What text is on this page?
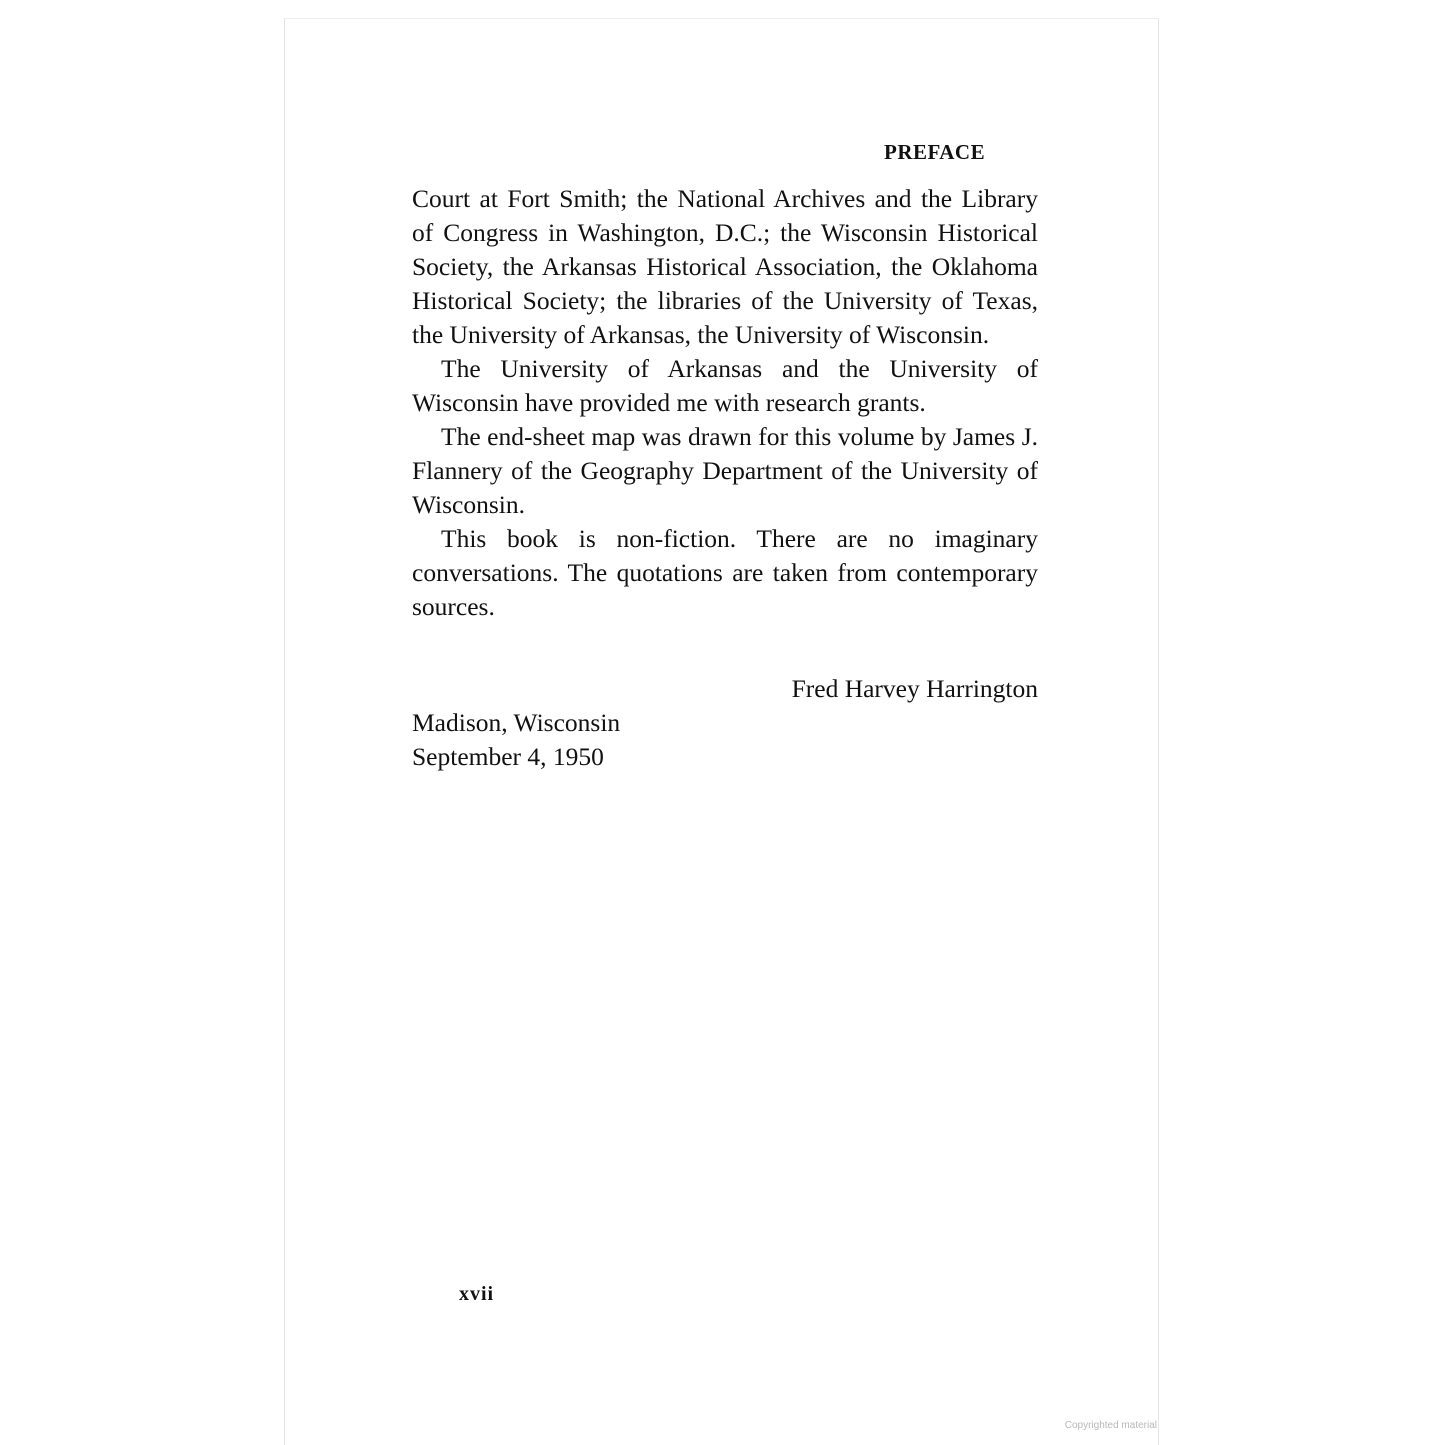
PREFACE

Court at Fort Smith; the National Archives and the Library of Congress in Washington, D.C.; the Wisconsin Historical Society, the Arkansas Historical Association, the Oklahoma Historical Society; the libraries of the University of Texas, the University of Arkansas, the University of Wisconsin.

The University of Arkansas and the University of Wisconsin have provided me with research grants.

The end-sheet map was drawn for this volume by James J. Flannery of the Geography Department of the University of Wisconsin.

This book is non-fiction. There are no imaginary conversations. The quotations are taken from contemporary sources.

Fred Harvey Harrington
Madison, Wisconsin
September 4, 1950
xvii
Copyrighted material
